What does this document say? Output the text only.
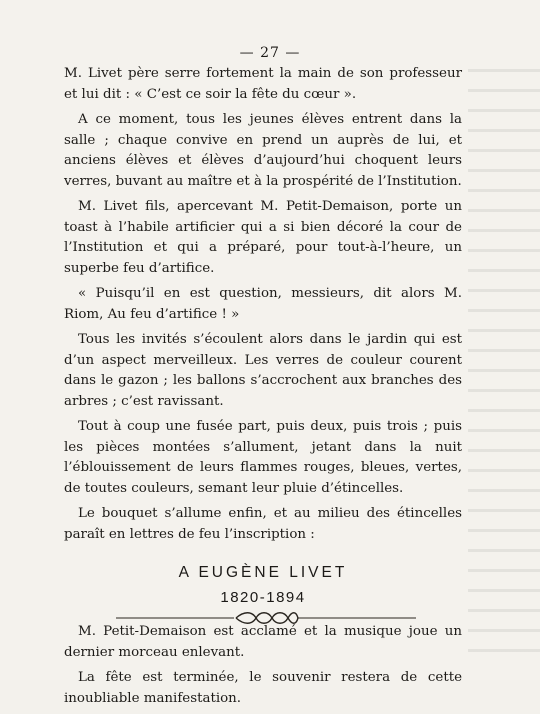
— 27 —

M. Livet père serre fortement la main de son professeur et lui dit : « C’est ce soir la fête du cœur ».

A ce moment, tous les jeunes élèves entrent dans la salle ; chaque convive en prend un auprès de lui, et anciens élèves et élèves d’aujourd’hui choquent leurs verres, buvant au maître et à la prospérité de l’Institution.

M. Livet fils, apercevant M. Petit-Demaison, porte un toast à l’habile artificier qui a si bien décoré la cour de l’Institution et qui a préparé, pour tout-à-l’heure, un superbe feu d’artifice.

« Puisqu’il en est question, messieurs, dit alors M. Riom, Au feu d’artifice ! »

Tous les invités s’écoulent alors dans le jardin qui est d’un aspect merveilleux. Les verres de couleur courent dans le gazon ; les ballons s’accrochent aux branches des arbres ; c’est ravissant.

Tout à coup une fusée part, puis deux, puis trois ; puis les pièces montées s’allument, jetant dans la nuit l’éblouissement de leurs flammes rouges, bleues, vertes, de toutes couleurs, semant leur pluie d’étincelles.

Le bouquet s’allume enfin, et au milieu des étincelles paraît en lettres de feu l’inscription :

A EUGÈNE LIVET
1820-1894

M. Petit-Demaison est acclamé et la musique joue un dernier morceau enlevant.

La fête est terminée, le souvenir restera de cette inoubliable manifestation.
